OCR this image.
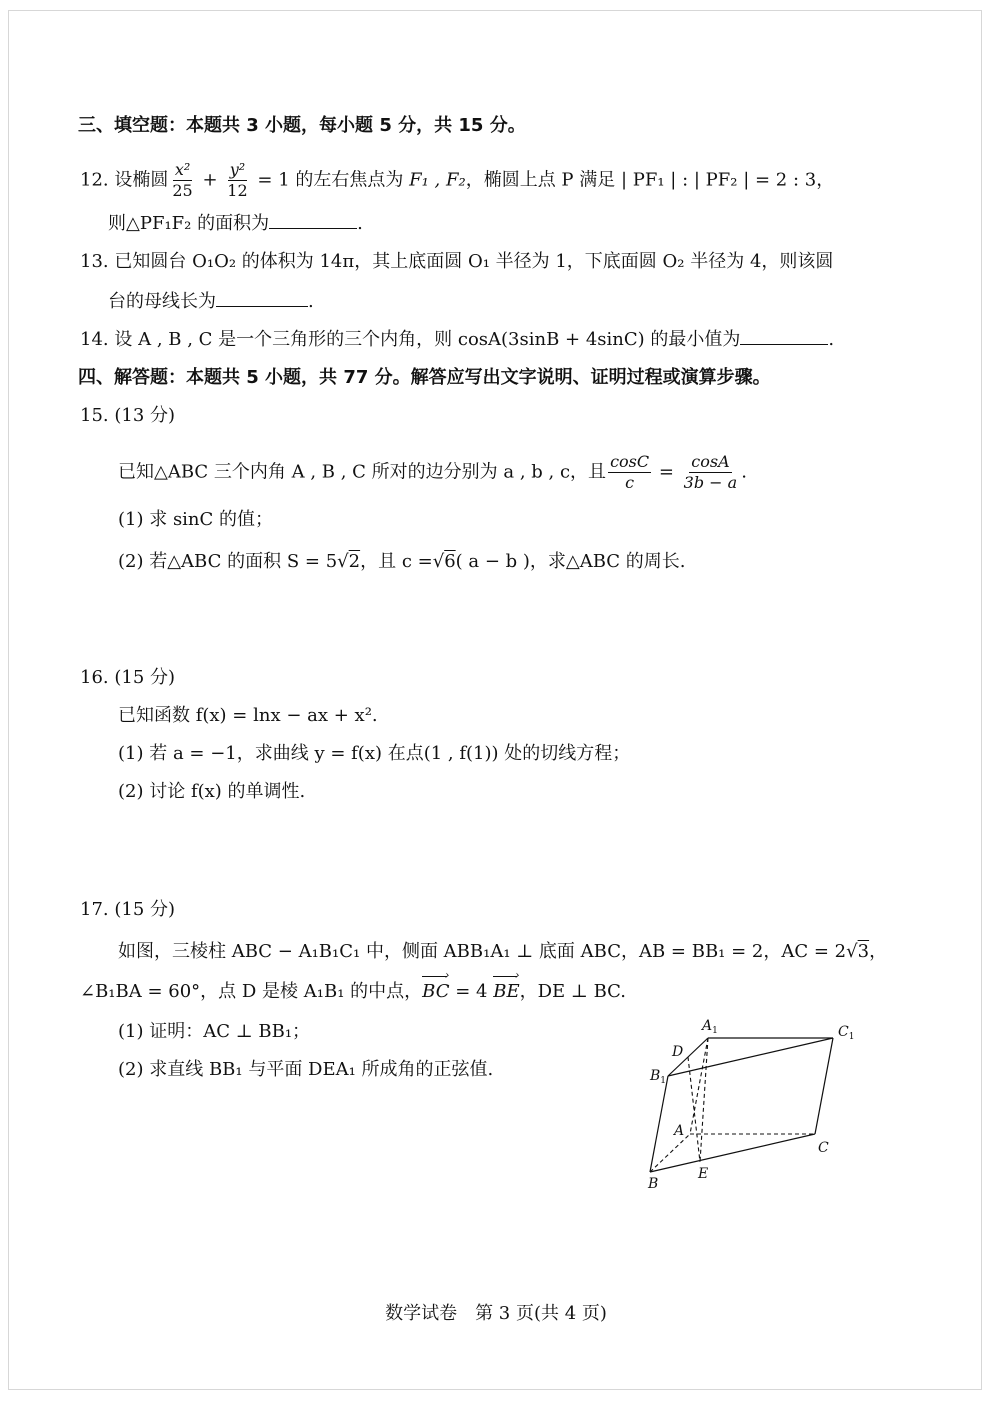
三、填空题：本题共 3 小题，每小题 5 分，共 15 分。
12. 设椭圆 $\frac{\text{x²}}{25} + \frac{\text{y²}}{12} = 1$ 的左右焦点为 F₁ , F₂，椭圆上点 P 满足 | PF₁ | : | PF₂ | = 2 : 3，
则△PF₁F₂ 的面积为	.
13. 已知圆台 O₁O₂ 的体积为 14π，其上底面圆 O₁ 半径为 1，下底面圆 O₂ 半径为 4，则该圆
台的母线长为	.
14. 设 A , B , C 是一个三角形的三个内角，则 cosA(3sinB + 4sinC) 的最小值为	.
四、解答题：本题共 5 小题，共 77 分。解答应写出文字说明、证明过程或演算步骤。
15. (13 分)
已知△ABC 三个内角 A , B , C 所对的边分别为 a , b , c，且 $\frac{\cos C}{c} = \frac{\cos A}{3b - a}$ .
(1) 求 sinC 的值；
(2) 若△ABC 的面积 S = 5√2，且 c =√6( a − b )，求△ABC 的周长.
16. (15 分)
已知函数 f(x) = lnx − ax + x².
(1) 若 a = −1，求曲线 y = f(x) 在点(1 , f(1)) 处的切线方程；
(2) 讨论 f(x) 的单调性.
17. (15 分)
如图，三棱柱 ABC − A₁B₁C₁ 中，侧面 ABB₁A₁ ⊥ 底面 ABC，AB = BB₁ = 2，AC = 2√3，
∠B₁BA = 60°，点 D 是棱 A₁B₁ 的中点，
›
BC = 4
›
BE，DE ⊥ BC.
(1) 证明：AC ⊥ BB₁；
(2) 求直线 BB₁ 与平面 DEA₁ 所成角的正弦值.
$A_1$	$C_1$
D
$B_1$
A
C
B
E
数学试卷　第 3 页(共 4 页)
